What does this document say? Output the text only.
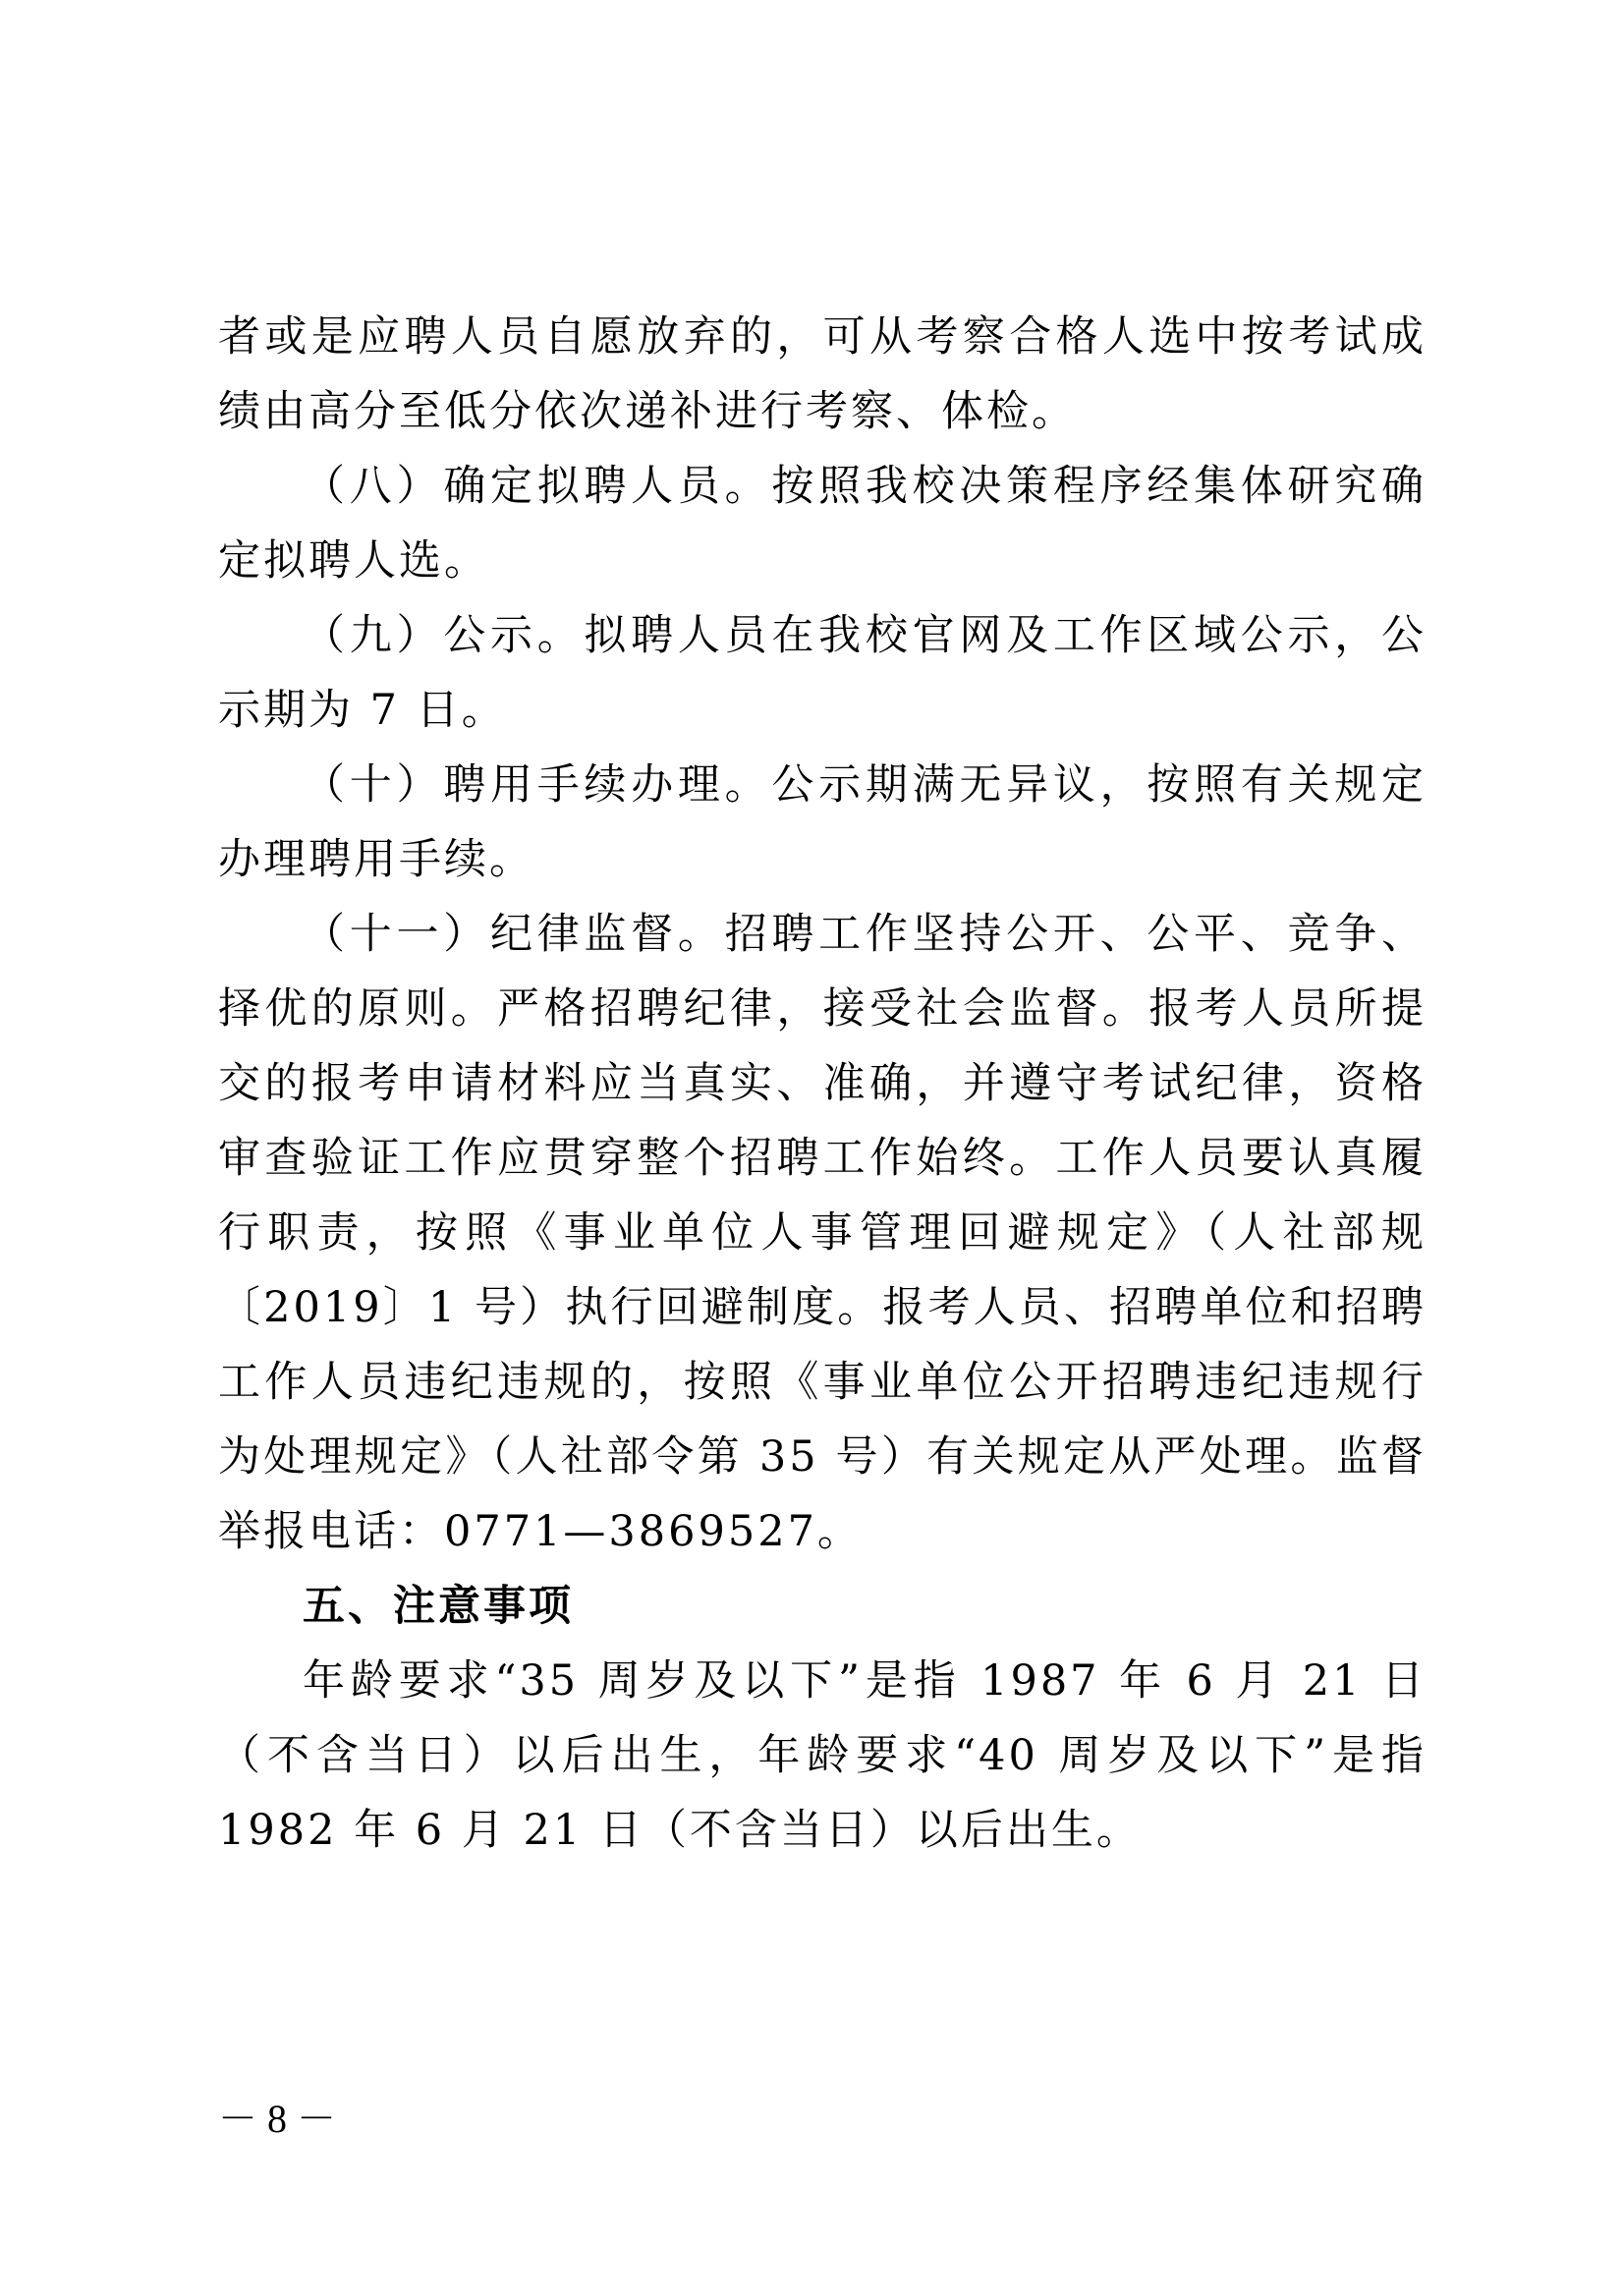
者或是应聘人员自愿放弃的，可从考察合格人选中按考试成绩由高分至低分依次递补进行考察、体检。

（八）确定拟聘人员。按照我校决策程序经集体研究确定拟聘人选。

（九）公示。拟聘人员在我校官网及工作区域公示，公示期为 7 日。

（十）聘用手续办理。公示期满无异议，按照有关规定办理聘用手续。

（十一）纪律监督。招聘工作坚持公开、公平、竞争、择优的原则。严格招聘纪律，接受社会监督。报考人员所提交的报考申请材料应当真实、准确，并遵守考试纪律，资格审查验证工作应贯穿整个招聘工作始终。工作人员要认真履行职责，按照《事业单位人事管理回避规定》（人社部规〔2019〕1 号）执行回避制度。报考人员、招聘单位和招聘工作人员违纪违规的，按照《事业单位公开招聘违纪违规行为处理规定》（人社部令第 35 号）有关规定从严处理。监督举报电话：0771—3869527。

五、注意事项

年龄要求“35 周岁及以下”是指 1987 年 6 月 21 日（不含当日）以后出生，年龄要求“40 周岁及以下”是指 1982 年 6 月 21 日（不含当日）以后出生。

－ 8 －
